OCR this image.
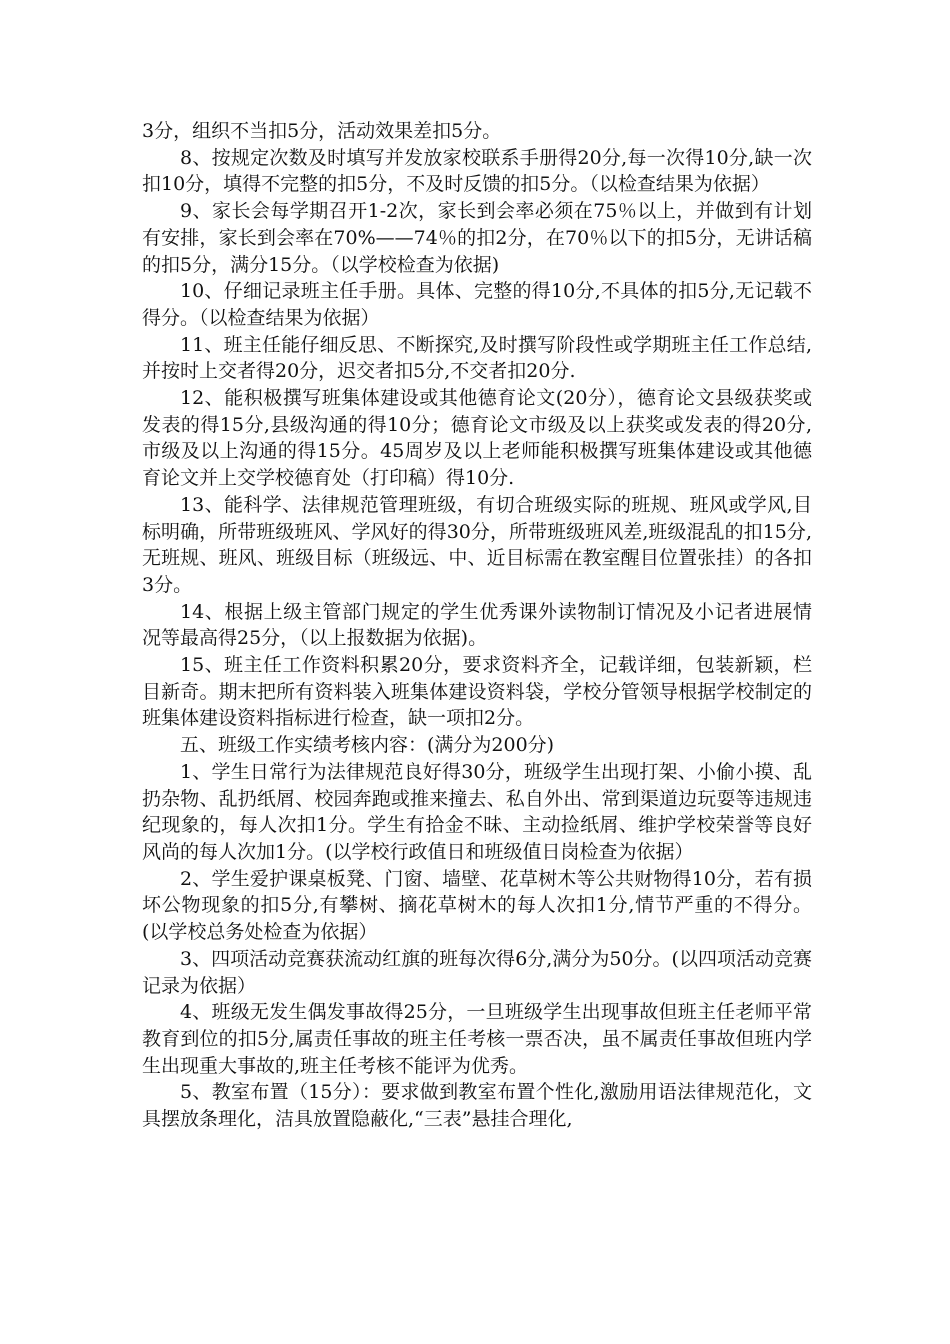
3分，组织不当扣5分，活动效果差扣5分。

8、按规定次数及时填写并发放家校联系手册得20分,每一次得10分,缺一次扣10分，填得不完整的扣5分，不及时反馈的扣5分。（以检查结果为依据）

9、家长会每学期召开1-2次，家长到会率必须在75％以上，并做到有计划有安排，家长到会率在70%——74％的扣2分，在70％以下的扣5分，无讲话稿的扣5分，满分15分。（以学校检查为依据)

10、仔细记录班主任手册。具体、完整的得10分,不具体的扣5分,无记载不得分。（以检查结果为依据）

11、班主任能仔细反思、不断探究,及时撰写阶段性或学期班主任工作总结,并按时上交者得20分，迟交者扣5分,不交者扣20分.

12、能积极撰写班集体建设或其他德育论文(20分），德育论文县级获奖或发表的得15分,县级沟通的得10分；德育论文市级及以上获奖或发表的得20分,市级及以上沟通的得15分。45周岁及以上老师能积极撰写班集体建设或其他德育论文并上交学校德育处（打印稿）得10分.

13、能科学、法律规范管理班级，有切合班级实际的班规、班风或学风,目标明确，所带班级班风、学风好的得30分，所带班级班风差,班级混乱的扣15分,无班规、班风、班级目标（班级远、中、近目标需在教室醒目位置张挂）的各扣3分。

14、根据上级主管部门规定的学生优秀课外读物制订情况及小记者进展情况等最高得25分，（以上报数据为依据)。

15、班主任工作资料积累20分，要求资料齐全，记载详细，包装新颖，栏目新奇。期末把所有资料装入班集体建设资料袋，学校分管领导根据学校制定的班集体建设资料指标进行检查，缺一项扣2分。

五、班级工作实绩考核内容：(满分为200分)

1、学生日常行为法律规范良好得30分，班级学生出现打架、小偷小摸、乱扔杂物、乱扔纸屑、校园奔跑或推来撞去、私自外出、常到渠道边玩耍等违规违纪现象的，每人次扣1分。学生有拾金不昧、主动捡纸屑、维护学校荣誉等良好风尚的每人次加1分。(以学校行政值日和班级值日岗检查为依据）

2、学生爱护课桌板凳、门窗、墙壁、花草树木等公共财物得10分，若有损坏公物现象的扣5分,有攀树、摘花草树木的每人次扣1分,情节严重的不得分。(以学校总务处检查为依据）

3、四项活动竞赛获流动红旗的班每次得6分,满分为50分。(以四项活动竞赛记录为依据）

4、班级无发生偶发事故得25分，一旦班级学生出现事故但班主任老师平常教育到位的扣5分,属责任事故的班主任考核一票否决，虽不属责任事故但班内学生出现重大事故的,班主任考核不能评为优秀。

5、教室布置（15分）：要求做到教室布置个性化,激励用语法律规范化，文具摆放条理化，洁具放置隐蔽化,“三表”悬挂合理化,
